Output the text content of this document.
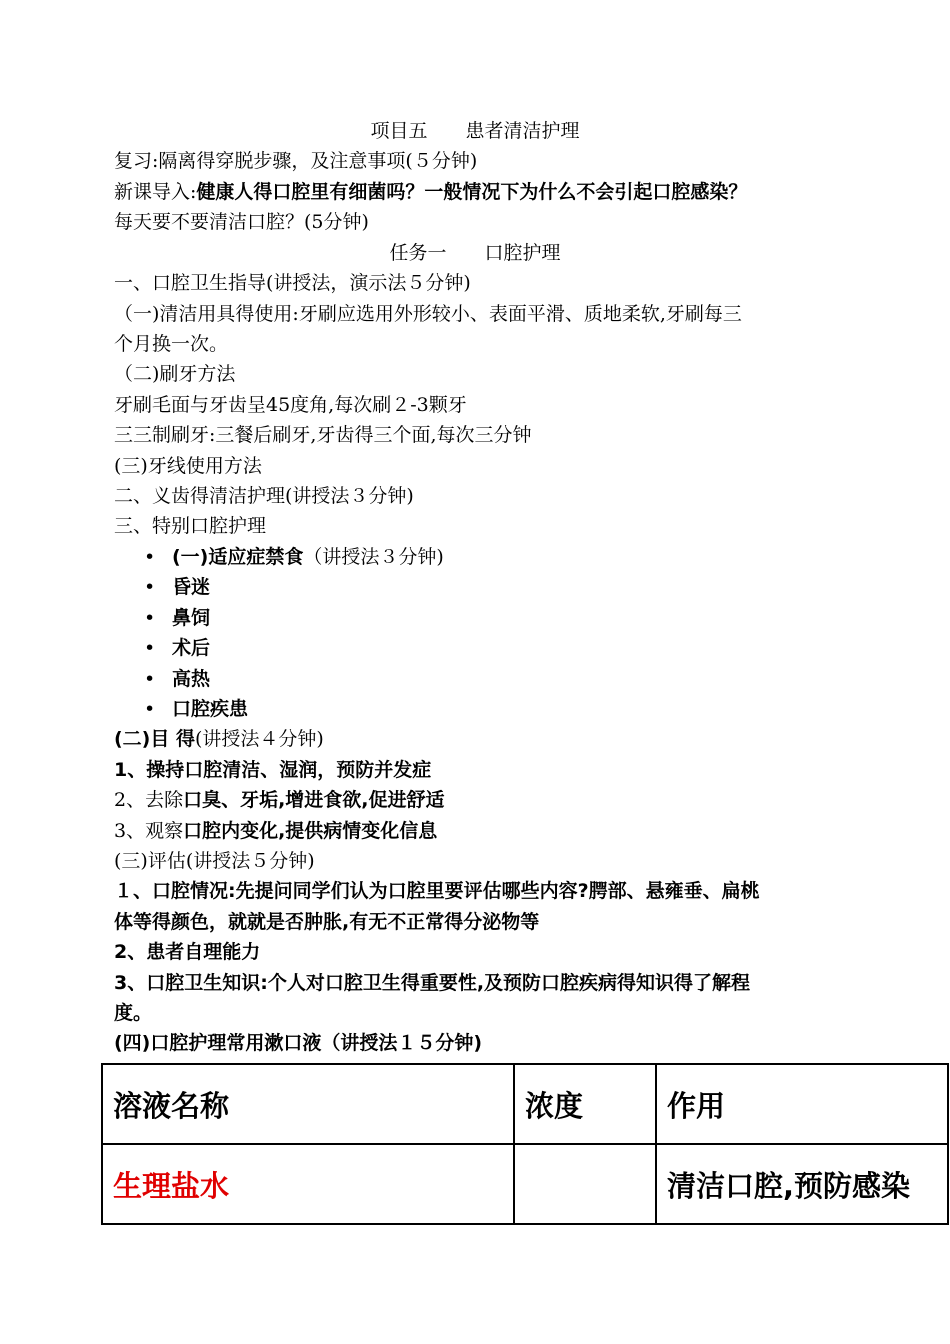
项目五　　患者清洁护理
复习:隔离得穿脱步骤，及注意事项(５分钟)
新课导入:健康人得口腔里有细菌吗？一般情况下为什么不会引起口腔感染？
每天要不要清洁口腔？(5分钟)
任务一　　口腔护理
一、口腔卫生指导(讲授法，演示法５分钟)
（一)清洁用具得使用:牙刷应选用外形较小、表面平滑、质地柔软,牙刷每三
个月换一次。
（二)刷牙方法
牙刷毛面与牙齿呈45度角,每次刷２-3颗牙
三三制刷牙:三餐后刷牙,牙齿得三个面,每次三分钟
(三)牙线使用方法
二、义齿得清洁护理(讲授法３分钟)
三、特别口腔护理
• (一)适应症禁食（讲授法３分钟)
• 昏迷
• 鼻饲
• 术后
• 高热
• 口腔疾患
(二)目 得(讲授法４分钟)
1、操持口腔清洁、湿润，预防并发症
2、去除口臭、牙垢,增进食欲,促进舒适
3、观察口腔内变化,提供病情变化信息
(三)评估(讲授法５分钟)
１、口腔情况:先提问同学们认为口腔里要评估哪些内容?腭部、悬雍垂、扁桃
体等得颜色，就就是否肿胀,有无不正常得分泌物等
2、患者自理能力
3、口腔卫生知识:个人对口腔卫生得重要性,及预防口腔疾病得知识得了解程
度。
(四)口腔护理常用漱口液（讲授法１５分钟)
溶液名称	浓度	作用
生理盐水		清洁口腔,预防感染
